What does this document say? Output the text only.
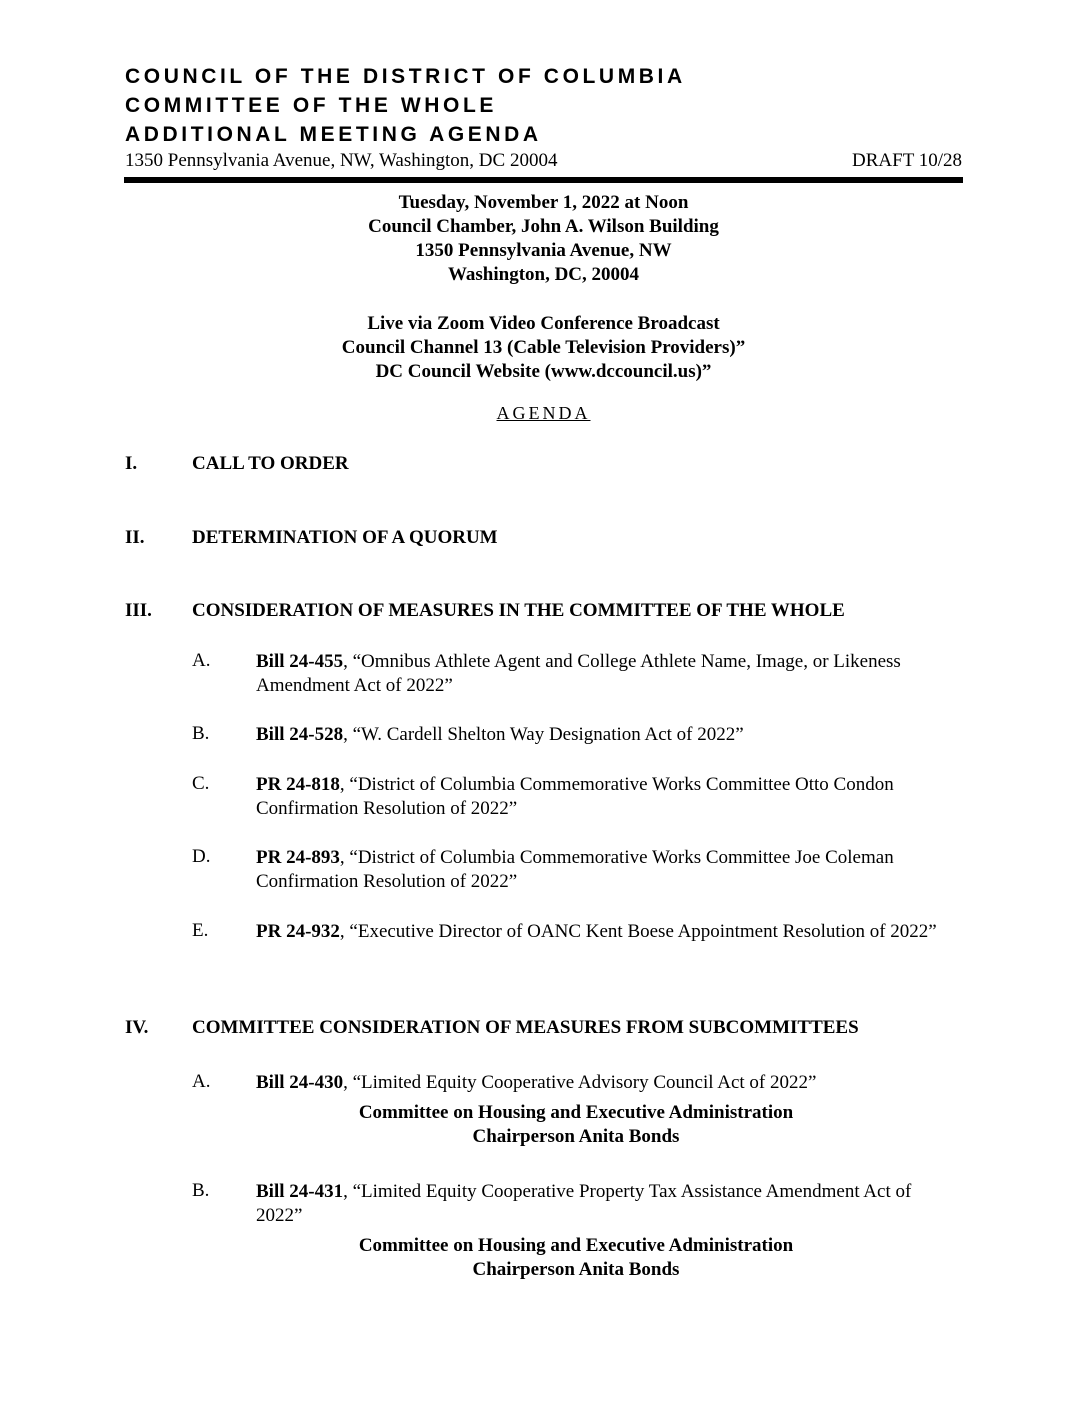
COUNCIL OF THE DISTRICT OF COLUMBIA
COMMITTEE OF THE WHOLE
ADDITIONAL MEETING AGENDA
1350 Pennsylvania Avenue, NW, Washington, DC 20004	DRAFT 10/28
Tuesday, November 1, 2022 at Noon
Council Chamber, John A. Wilson Building
1350 Pennsylvania Avenue, NW
Washington, DC, 20004
Live via Zoom Video Conference Broadcast
Council Channel 13 (Cable Television Providers)”
DC Council Website (www.dccouncil.us)”
AGENDA
I.	CALL TO ORDER
II. DETERMINATION OF A QUORUM
III. CONSIDERATION OF MEASURES IN THE COMMITTEE OF THE WHOLE
A. Bill 24-455, “Omnibus Athlete Agent and College Athlete Name, Image, or Likeness Amendment Act of 2022”
B. Bill 24-528, “W. Cardell Shelton Way Designation Act of 2022”
C. PR 24-818, “District of Columbia Commemorative Works Committee Otto Condon Confirmation Resolution of 2022”
D. PR 24-893, “District of Columbia Commemorative Works Committee Joe Coleman Confirmation Resolution of 2022”
E.	PR 24-932, “Executive Director of OANC Kent Boese Appointment Resolution of 2022”
IV. COMMITTEE CONSIDERATION OF MEASURES FROM SUBCOMMITTEES
A. Bill 24-430, “Limited Equity Cooperative Advisory Council Act of 2022”
Committee on Housing and Executive Administration
Chairperson Anita Bonds
B. Bill 24-431, “Limited Equity Cooperative Property Tax Assistance Amendment Act of 2022”
Committee on Housing and Executive Administration
Chairperson Anita Bonds
